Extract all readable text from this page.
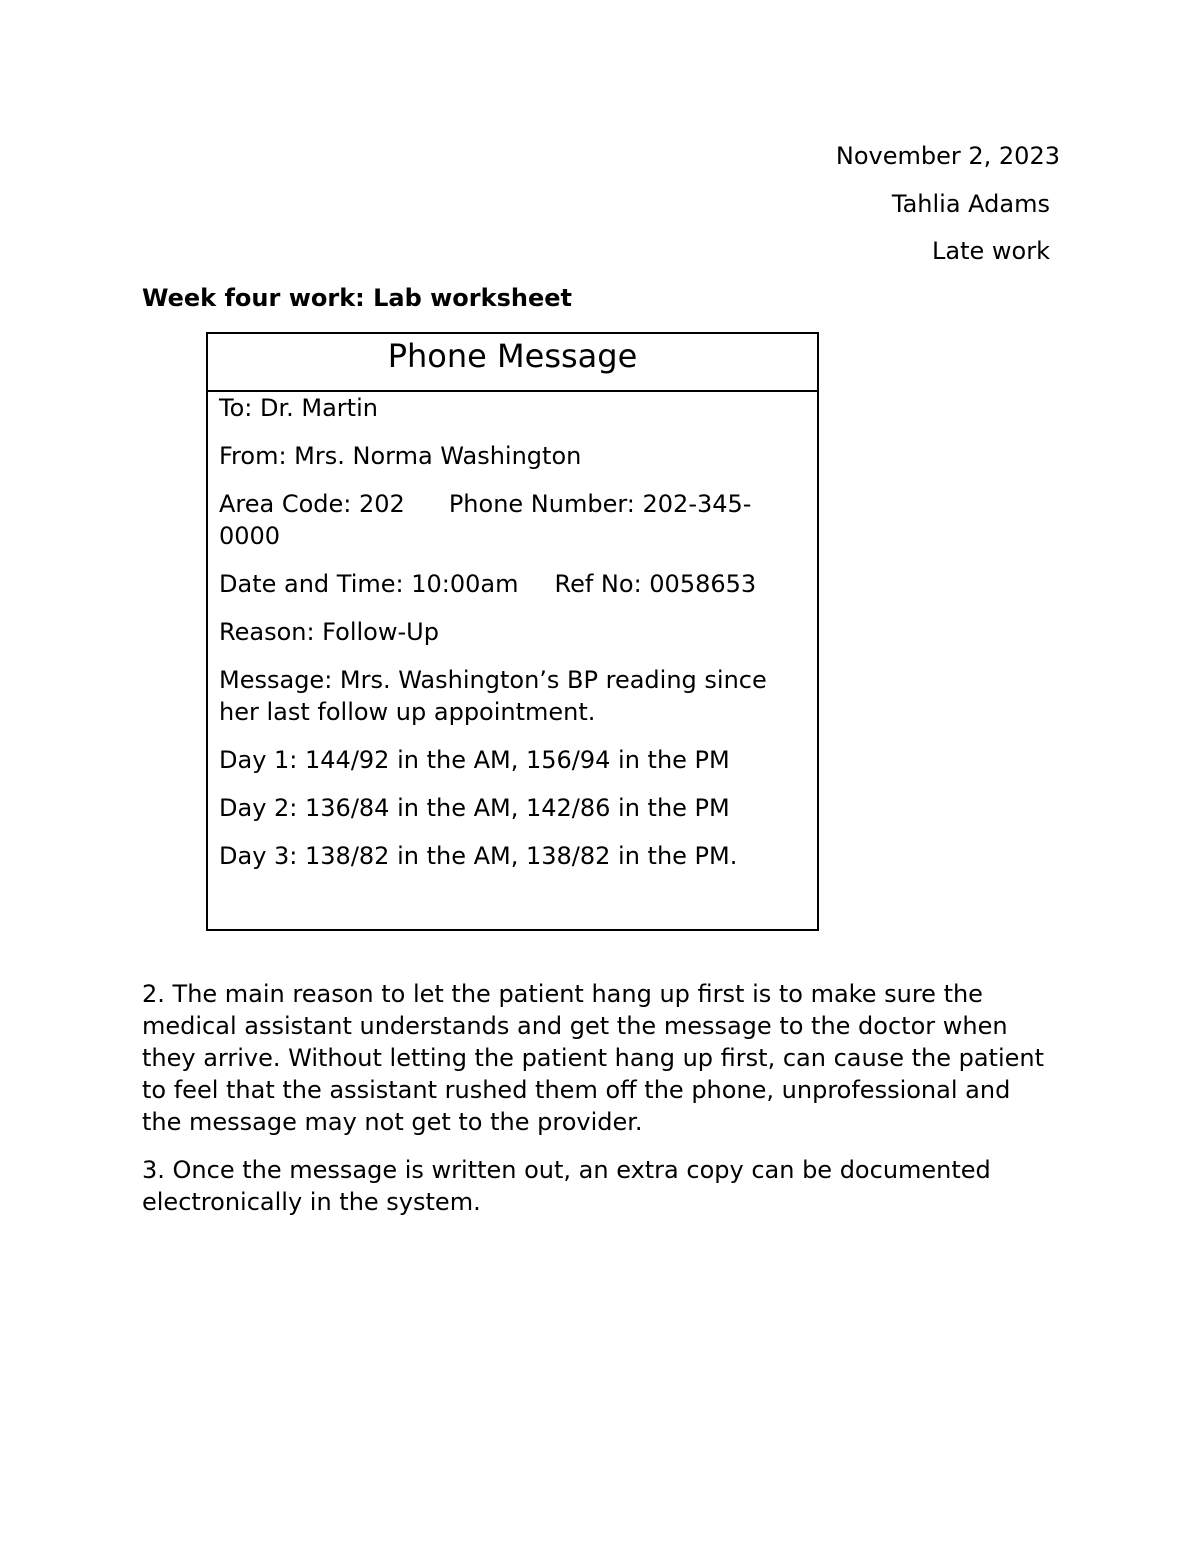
November 2, 2023
Tahlia Adams
Late work
Week four work: Lab worksheet
Phone Message
To: Dr. Martin
From: Mrs. Norma Washington
Area Code: 202 Phone Number: 202-345-0000
Date and Time: 10:00am Ref No: 0058653
Reason: Follow-Up
Message: Mrs. Washington’s BP reading since her last follow up appointment.
Day 1: 144/92 in the AM, 156/94 in the PM
Day 2: 136/84 in the AM, 142/86 in the PM
Day 3: 138/82 in the AM, 138/82 in the PM.

2. The main reason to let the patient hang up first is to make sure the medical assistant understands and get the message to the doctor when they arrive. Without letting the patient hang up first, can cause the patient to feel that the assistant rushed them off the phone, unprofessional and the message may not get to the provider.

3. Once the message is written out, an extra copy can be documented electronically in the system.
